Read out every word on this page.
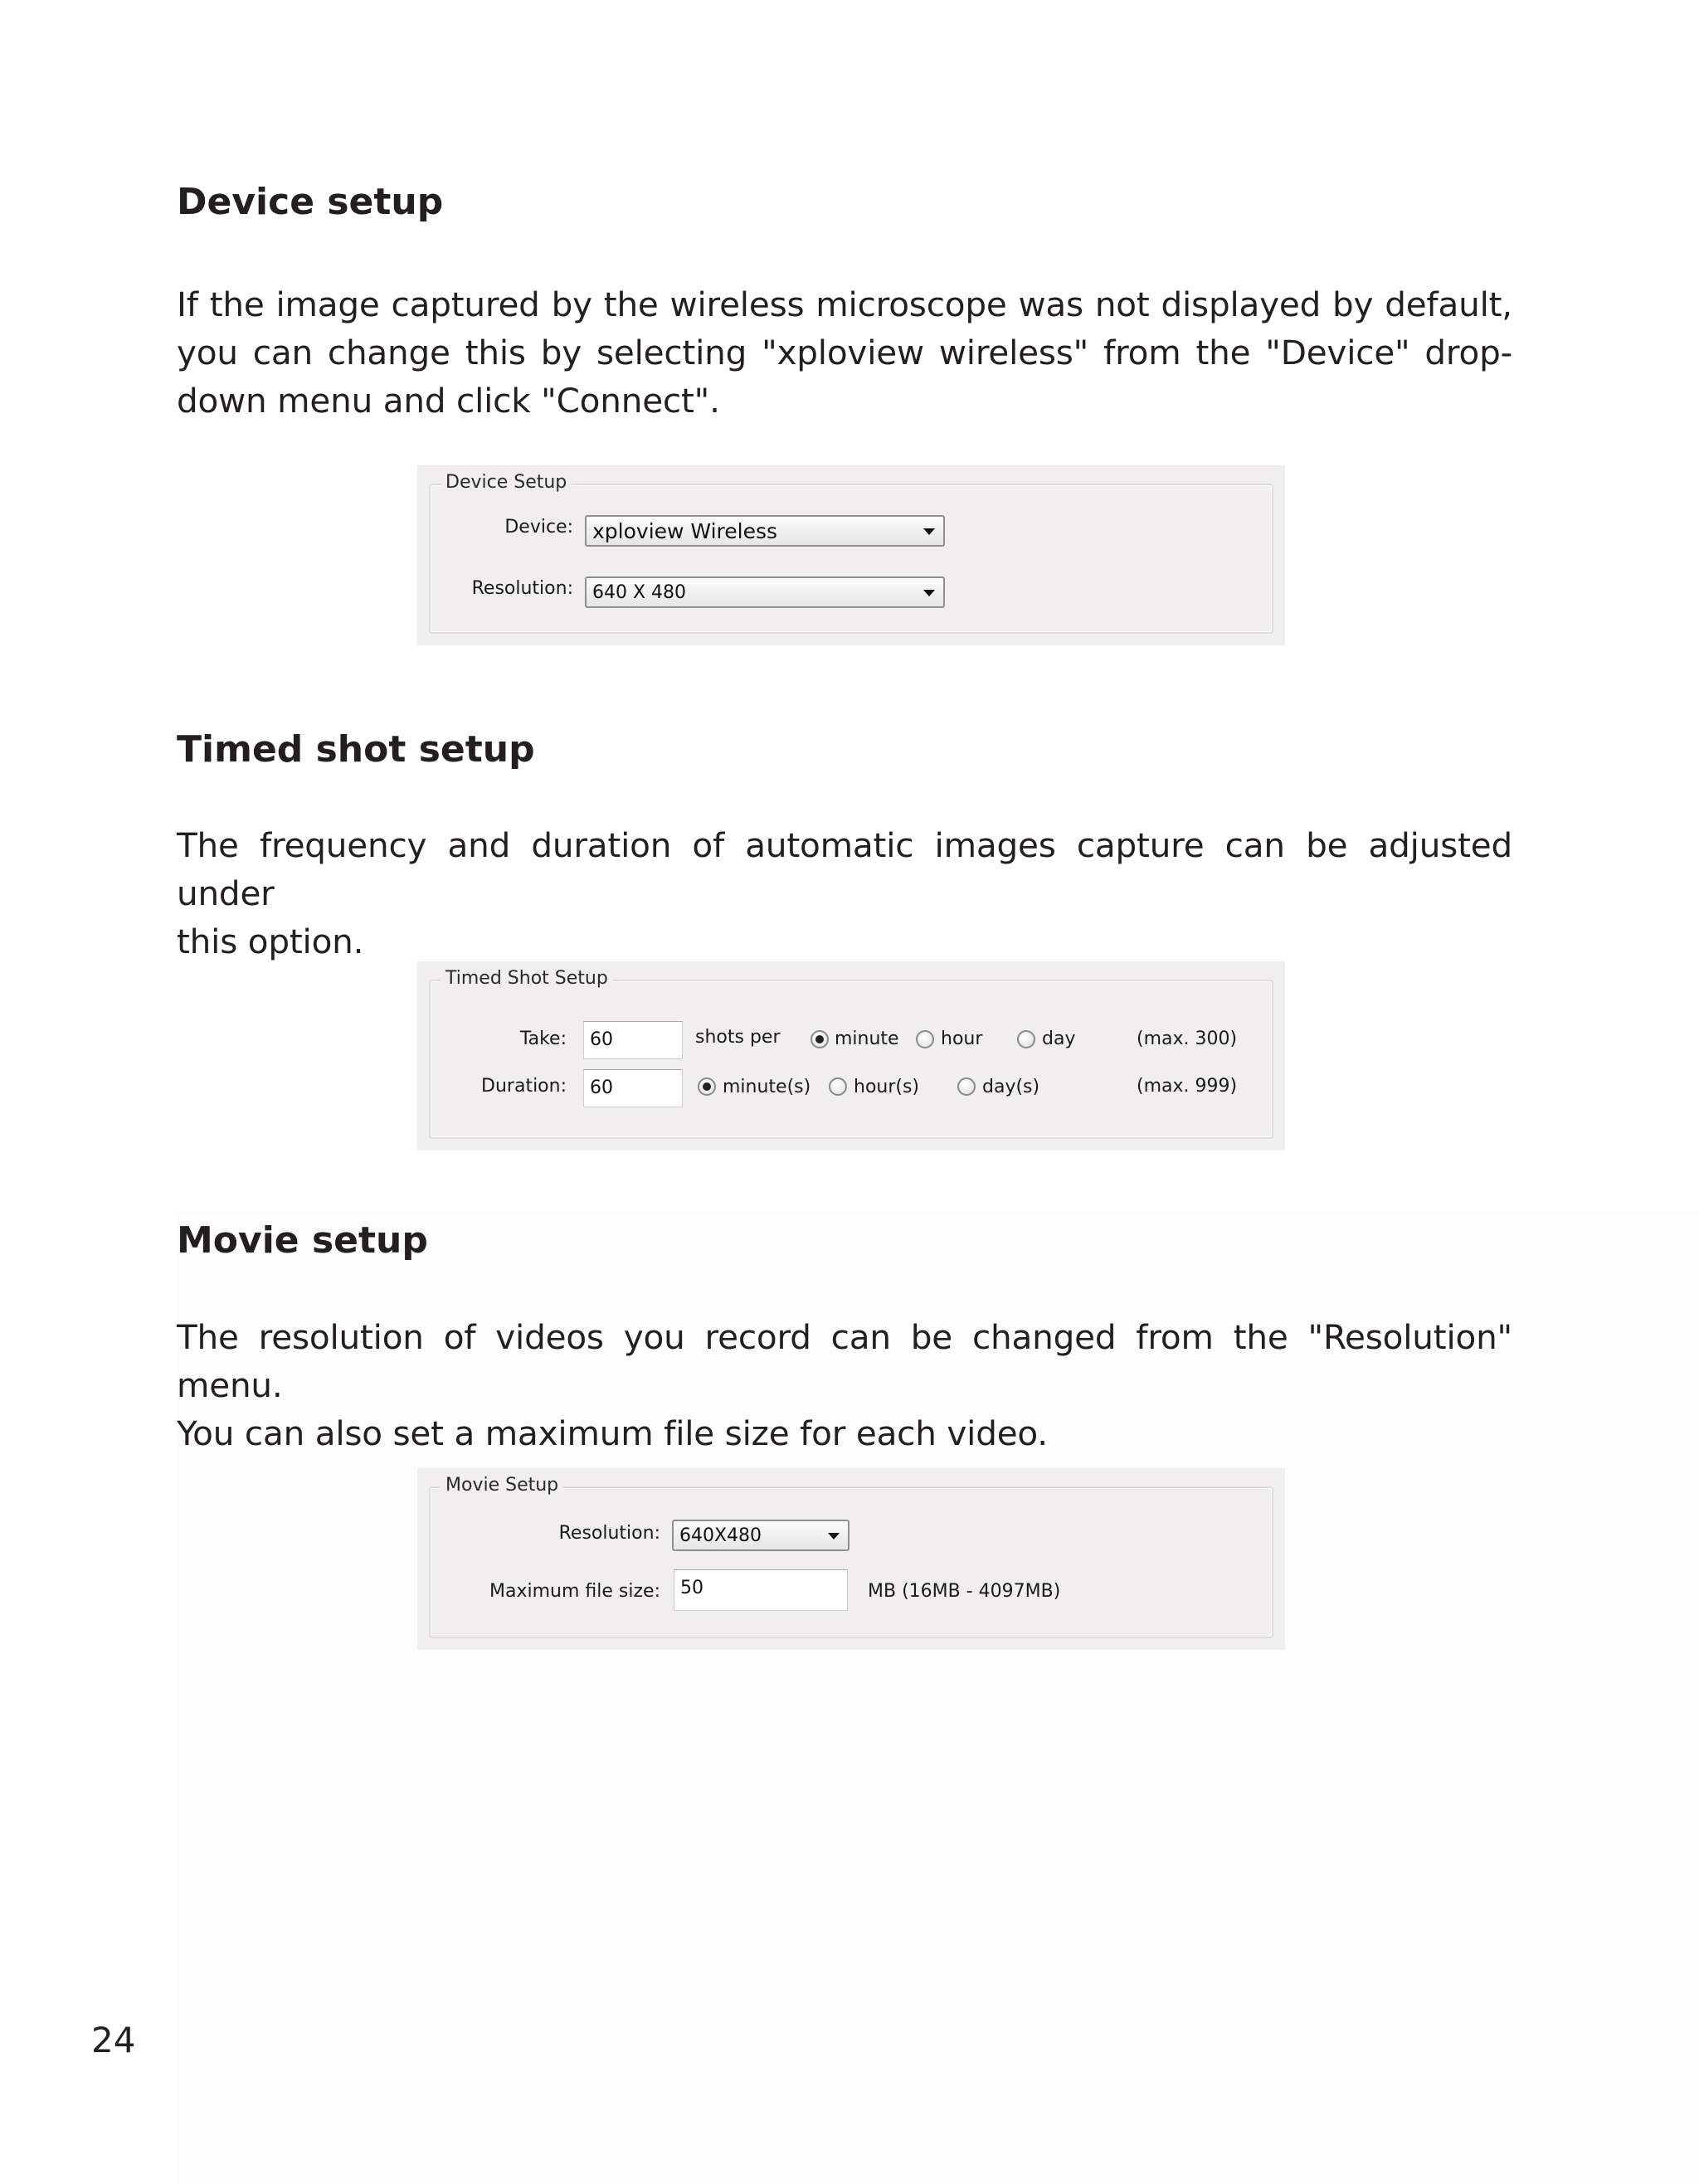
Device setup

If the image captured by the wireless microscope was not displayed by default,
you can change this by selecting "xploview wireless" from the "Device" drop-
down menu and click "Connect".

Device Setup
Device: xploview Wireless
Resolution: 640 X 480
Timed shot setup

The frequency and duration of automatic images capture can be adjusted under
this option.

Timed Shot Setup
Take: 60	shots per	minute hour	day	(max. 300)
Duration: 60	minute(s) hour(s)	day(s)	(max. 999)
Movie setup

The resolution of videos you record can be changed from the "Resolution" menu.
You can also set a maximum file size for each video.

Movie Setup
Resolution: 640X480
Maximum file size: 50	MB (16MB - 4097MB)
24
